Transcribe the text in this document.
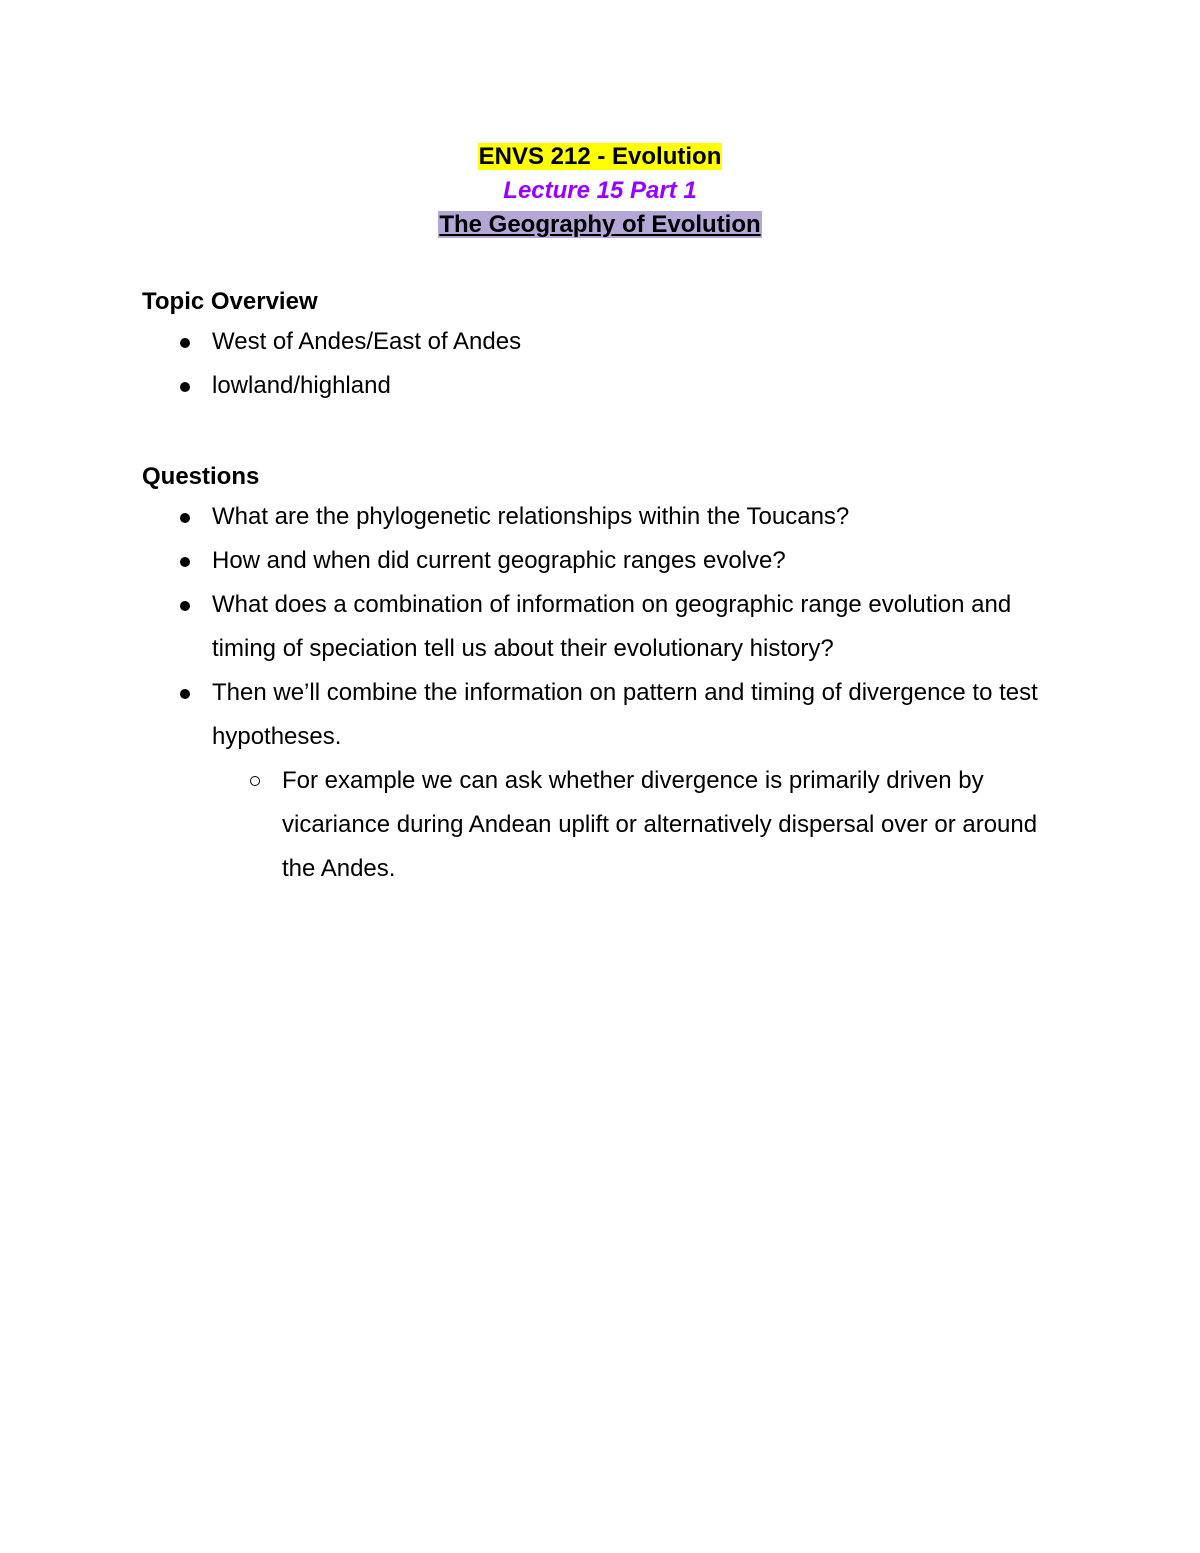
ENVS 212 - Evolution
Lecture 15 Part 1
The Geography of Evolution
Topic Overview
West of Andes/East of Andes
lowland/highland
Questions
What are the phylogenetic relationships within the Toucans?
How and when did current geographic ranges evolve?
What does a combination of information on geographic range evolution and timing of speciation tell us about their evolutionary history?
Then we’ll combine the information on pattern and timing of divergence to test hypotheses.
For example we can ask whether divergence is primarily driven by vicariance during Andean uplift or alternatively dispersal over or around the Andes.
